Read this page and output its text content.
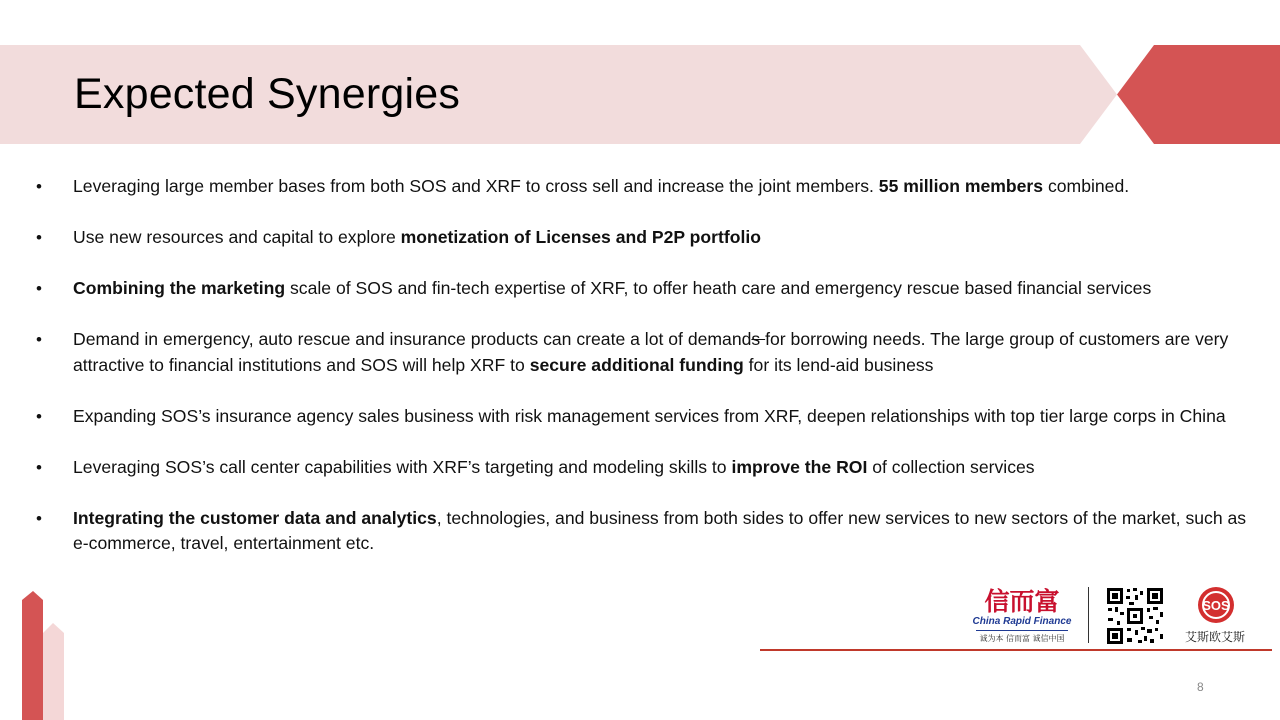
Expected Synergies
• Leveraging large member bases from both SOS and XRF to cross sell and increase the joint members. 55 million members combined.
• Use new resources and capital to explore monetization of Licenses and P2P portfolio
• Combining the marketing scale of SOS and fin-tech expertise of XRF, to offer heath care and emergency rescue based financial services
• Demand in emergency, auto rescue and insurance products can create a lot of demands for borrowing needs. The large group of customers are very attractive to financial institutions and SOS will help XRF to secure additional funding for its lend-aid business
• Expanding SOS’s insurance agency sales business with risk management services from XRF, deepen relationships with top tier large corps in China
• Leveraging SOS’s call center capabilities with XRF’s targeting and modeling skills to improve the ROI of collection services
• Integrating the customer data and analytics, technologies, and business from both sides to offer new services to new sectors of the market, such as e-commerce, travel, entertainment etc.
信而富
China Rapid Finance
诚为本 信而富 诚信中国
SOS
艾斯欧艾斯
8
